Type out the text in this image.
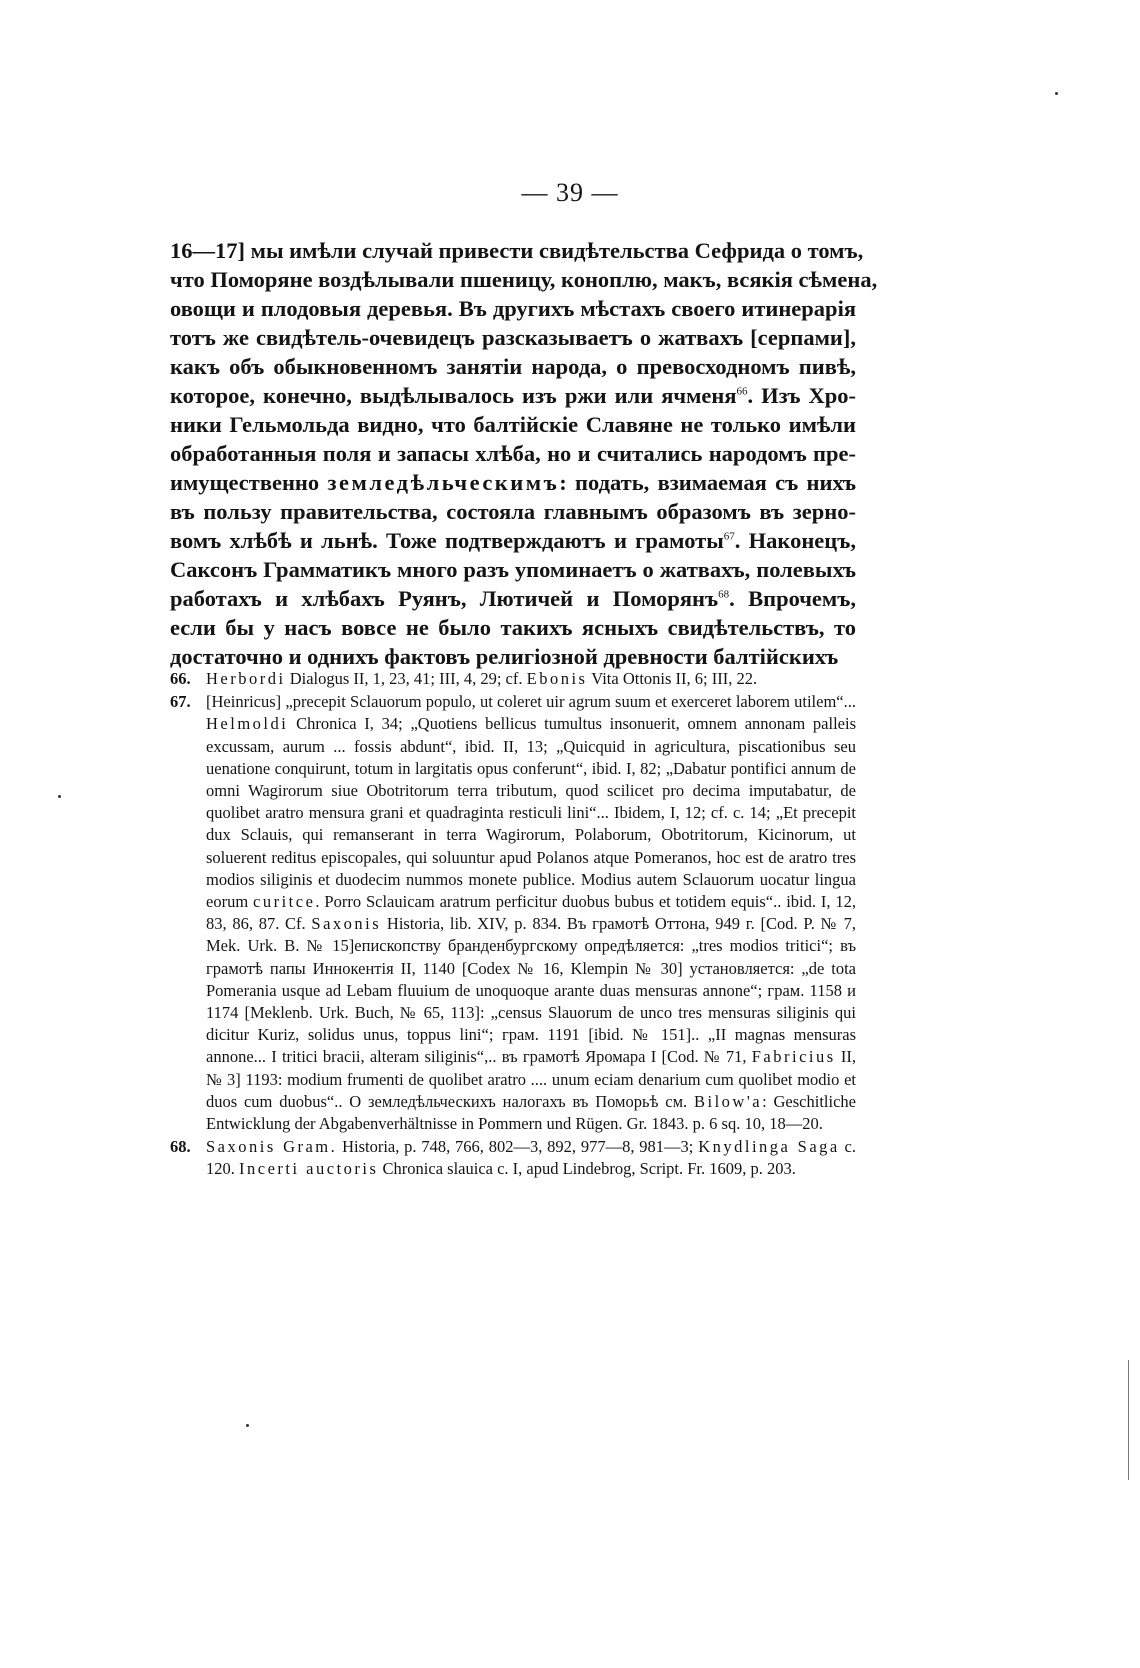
— 39 —
16—17] мы имѣли случай привести свидѣтельства Сефрида о томъ,
что Поморяне воздѣлывали пшеницу, коноплю, макъ, всякія сѣмена,
овощи и плодовыя деревья. Въ другихъ мѣстахъ своего итинерарія
тотъ же свидѣтель-очевидецъ разсказываетъ о жатвахъ [серпами],
какъ объ обыкновенномъ занятіи народа, о превосходномъ пивѣ,
которое, конечно, выдѣлывалось изъ ржи или ячменя$^{66}$. Изъ Хро-
ники Гельмольда видно, что балтійскіе Славяне не только имѣли
обработанныя поля и запасы хлѣба, но и считались народомъ пре-
имущественно земледѣльческимъ: подать, взимаемая съ нихъ
въ пользу правительства, состояла главнымъ образомъ въ зерно-
вомъ хлѣбѣ и льнѣ. Тоже подтверждаютъ и грамоты$^{67}$. Наконецъ,
Саксонъ Грамматикъ много разъ упоминаетъ о жатвахъ, полевыхъ
работахъ и хлѣбахъ Руянъ, Лютичей и Поморянъ$^{68}$. Впрочемъ,
если бы у насъ вовсе не было такихъ ясныхъ свидѣтельствъ, то
достаточно и однихъ фактовъ религіозной древности балтійскихъ
66. Herbordi Dialogus II, 1, 23, 41; III, 4, 29; cf. Ebonis Vita Ottonis II, 6; III, 22.
67. [Heinricus] „precepit Sclauorum populo, ut coleret uir agrum suum et exerceret laborem utilem“... Helmoldi Chronica I, 34; „Quotiens bellicus tumultus insonuerit, omnem annonam palleis excussam, aurum ... fossis abdunt“, ibid. II, 13; „Quicquid in agricultura, piscationibus seu uenatione conquirunt, totum in largitatis opus conferunt“, ibid. I, 82; „Dabatur pontifici annum de omni Wagirorum siue Obotritorum terra tributum, quod scilicet pro decima imputabatur, de quolibet aratro mensura grani et quadraginta resticuli lini“... Ibidem, I, 12; cf. c. 14; „Et precepit dux Sclauis, qui remanserant in terra Wagirorum, Polaborum, Obotritorum, Kicinorum, ut soluerent reditus episcopales, qui soluuntur apud Polanos atque Pomeranos, hoc est de aratro tres modios siliginis et duodecim nummos monete publice. Modius autem Sclauorum uocatur lingua eorum curitce. Porro Sclauicam aratrum perficitur duobus bubus et totidem equis“.. ibid. I, 12, 83, 86, 87. Cf. Saxonis Historia, lib. XIV, p. 834. Въ грамотѣ Оттона, 949 г. [Cod. P. № 7, Mek. Urk. B. № 15]епископству бранденбургскому опредѣляется: „tres modios tritici“; въ грамотѣ папы Иннокентія II, 1140 [Codex № 16, Klempin № 30] установляется: „de tota Pomerania usque ad Lebam fluuium de unoquoque arante duas mensuras annone“; грам. 1158 и 1174 [Meklenb. Urk. Buch, № 65, 113]: „census Slauorum de unco tres mensuras siliginis qui dicitur Kuriz, solidus unus, toppus lini“; грам. 1191 [ibid. № 151].. „II magnas mensuras annone... I tritici bracii, alteram siliginis“,.. въ грамотѣ Яромара I [Cod. № 71, Fabricius II, № 3] 1193: modium frumenti de quolibet aratro .... unum eciam denarium cum quolibet modio et duos cum duobus“.. О земледѣльческихъ налогахъ въ Поморьѣ см. Bilow'a: Geschitliche Entwicklung der Abgabenverhältnisse in Pommern und Rügen. Gr. 1843. p. 6 sq. 10, 18—20.
68. Saxonis Gram. Historia, p. 748, 766, 802—3, 892, 977—8, 981—3; Knydlinga Saga c. 120. Incerti auctoris Chronica slauica c. I, apud Lindebrog, Script. Fr. 1609, p. 203.
